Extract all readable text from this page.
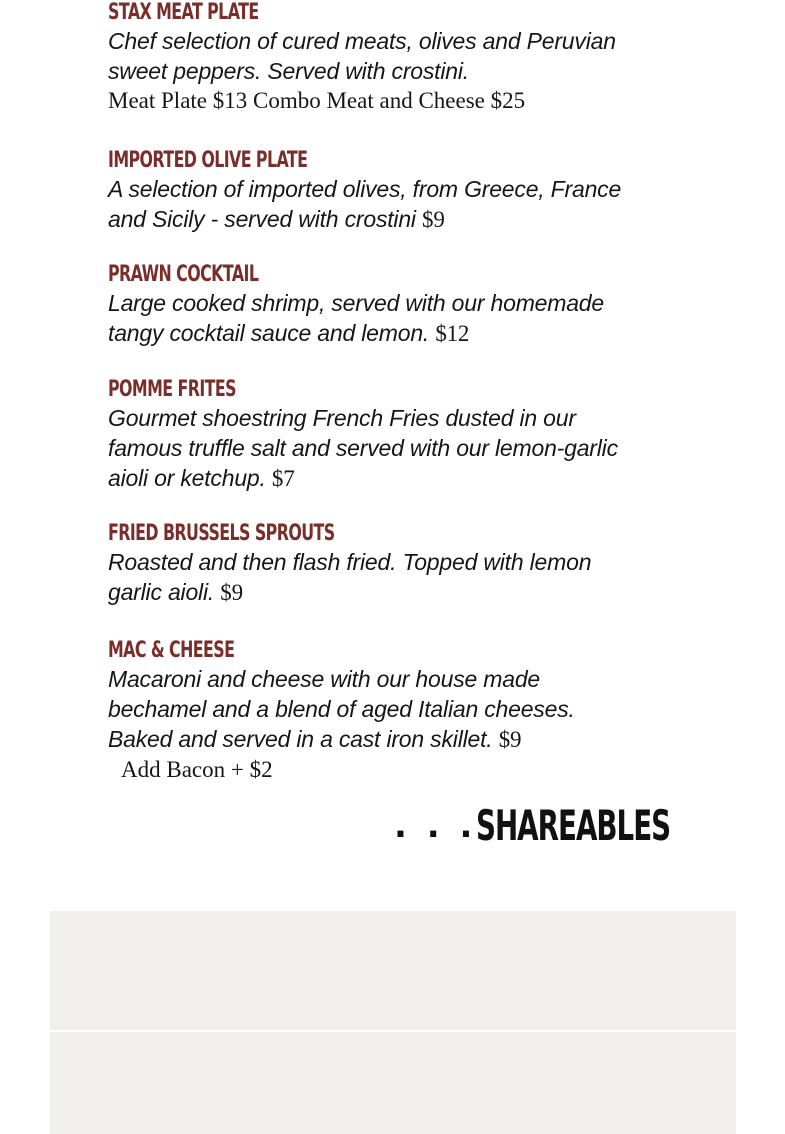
STAX MEAT PLATE
Chef selection of cured meats, olives and Peruvian
sweet peppers. Served with crostini.
Meat Plate $13 Combo Meat and Cheese $25
IMPORTED OLIVE PLATE
A selection of imported olives, from Greece, France
and Sicily - served with crostini $9
PRAWN COCKTAIL
Large cooked shrimp, served with our homemade
tangy cocktail sauce and lemon. $12
POMME FRITES
Gourmet shoestring French Fries dusted in our
famous truffle salt and served with our lemon-garlic
aioli or ketchup. $7
FRIED BRUSSELS SPROUTS
Roasted and then flash fried. Topped with lemon
garlic aioli. $9
MAC & CHEESE
Macaroni and cheese with our house made
bechamel and a blend of aged Italian cheeses.
Baked and served in a cast iron skillet. $9
Add Bacon + $2
. . .SHAREABLES
